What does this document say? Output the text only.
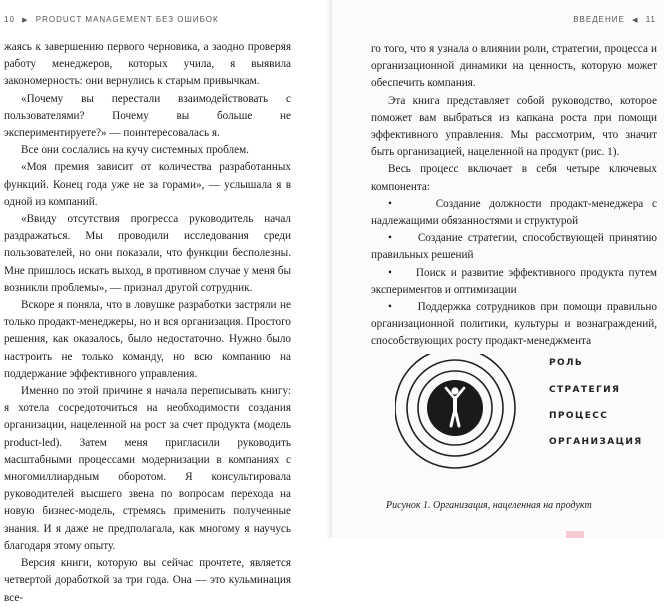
10 ▶ PRODUCT MANAGEMENT БЕЗ ОШИБОК

жаясь к завершению первого черновика, а заодно проверяя работу менеджеров, которых учила, я выявила закономерность: они вернулись к старым привычкам.

«Почему вы перестали взаимодействовать с пользователями? Почему вы больше не экспериментируете?» — поинтересовалась я.

Все они сослались на кучу системных проблем.

«Моя премия зависит от количества разработанных функций. Конец года уже не за горами», — услышала я в одной из компаний.

«Ввиду отсутствия прогресса руководитель начал раздражаться. Мы проводили исследования среди пользователей, но они показали, что функции бесполезны. Мне пришлось искать выход, в противном случае у меня бы возникли проблемы», — признал другой сотрудник.

Вскоре я поняла, что в ловушке разработки застряли не только продакт-менеджеры, но и вся организация. Простого решения, как оказалось, было недостаточно. Нужно было настроить не только команду, но всю компанию на поддержание эффективного управления.

Именно по этой причине я начала переписывать книгу: я хотела сосредоточиться на необходимости создания организации, нацеленной на рост за счет продукта (модель product-led). Затем меня пригласили руководить масштабными процессами модернизации в компаниях с многомиллиардным оборотом. Я консультировала руководителей высшего звена по вопросам перехода на новую бизнес-модель, стремясь применить полученные знания. И я даже не предполагала, как многому я научусь благодаря этому опыту.

Версия книги, которую вы сейчас прочтете, является четвертой доработкой за три года. Она — это кульминация все-

ВВЕДЕНИЕ ◀ 11

го того, что я узнала о влиянии роли, стратегии, процесса и организационной динамики на ценность, которую может обеспечить компания.

Эта книга представляет собой руководство, которое поможет вам выбраться из капкана роста при помощи эффективного управления. Мы рассмотрим, что значит быть организацией, нацеленной на продукт (рис. 1).

Весь процесс включает в себя четыре ключевых компонента:

•     Создание должности продакт-менеджера с надлежащими обязанностями и структурой

•     Создание стратегии, способствующей принятию правильных решений

•     Поиск и развитие эффективного продукта путем экспериментов и оптимизации

•     Поддержка сотрудников при помощи правильно организационной политики, культуры и вознаграждений, способствующих росту продакт-менеджмента

РОЛЬ
СТРАТЕГИЯ
ПРОЦЕСС
ОРГАНИЗАЦИЯ
Рисунок 1. Организация, нацеленная на продукт
